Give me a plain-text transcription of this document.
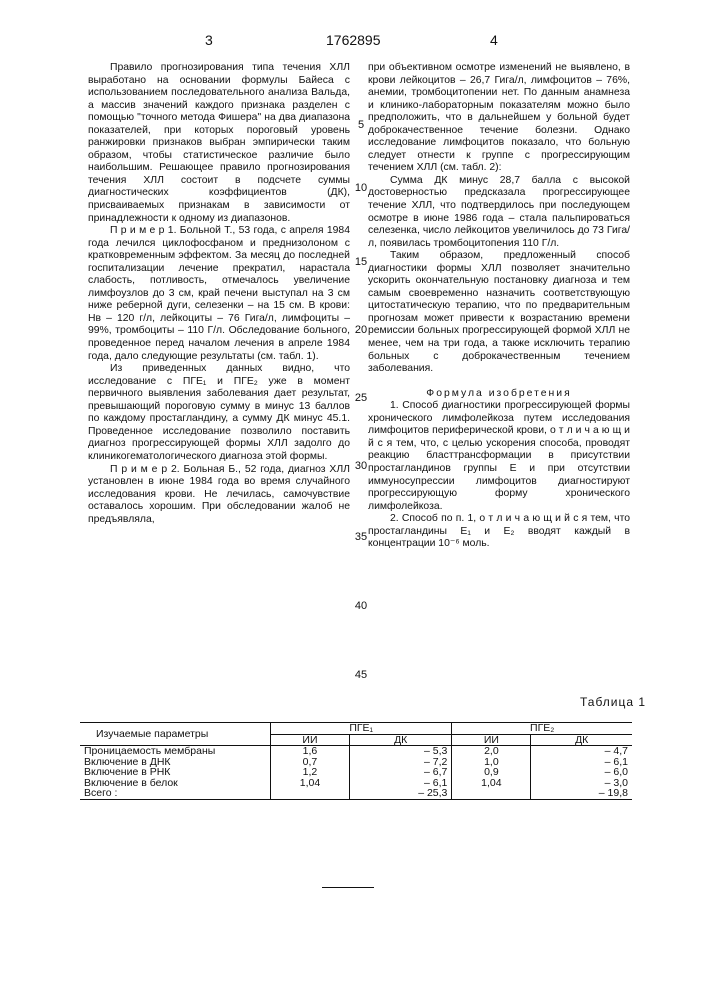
3	1762895	4

Правило прогнозирования типа течения ХЛЛ выработано на основании формулы Байеса с использованием последовательного анализа Вальда, а массив значений каждого признака разделен с помощью "точного метода Фишера" на два диапазона показателей, при которых пороговый уровень ранжировки признаков выбран эмпирически таким образом, чтобы статистическое различие было наибольшим. Решающее правило прогнозирования течения ХЛЛ состоит в подсчете суммы диагностических коэффициентов (ДК), присваиваемых признакам в зависимости от принадлежности к одному из диапазонов.

П р и м е р 1. Больной Т., 53 года, с апреля 1984 года лечился циклофосфаном и преднизолоном с кратковременным эффектом. За месяц до последней госпитализации лечение прекратил, нарастала слабость, потливость, отмечалось увеличение лимфоузлов до 3 см, край печени выступал на 3 см ниже реберной дуги, селезенки – на 15 см. В крови: Нв – 120 г/л, лейкоциты – 76 Гига/л, лимфоциты – 99%, тромбоциты – 110 Г/л. Обследование больного, проведенное перед началом лечения в апреле 1984 года, дало следующие результаты (см. табл. 1).

Из приведенных данных видно, что исследование с ПГЕ₁ и ПГЕ₂ уже в момент первичного выявления заболевания дает результат, превышающий пороговую сумму в минус 13 баллов по каждому простагландину, а сумму ДК минус 45.1. Проведенное исследование позволило поставить диагноз прогрессирующей формы ХЛЛ задолго до клиникогематологического диагноза этой формы.

П р и м е р 2. Больная Б., 52 года, диагноз ХЛЛ установлен в июне 1984 года во время случайного исследования крови. Не лечилась, самочувствие оставалось хорошим. При обследовании жалоб не предъявляла,

при объективном осмотре изменений не выявлено, в крови лейкоцитов – 26,7 Гига/л, лимфоцитов – 76%, анемии, тромбоцитопении нет. По данным анамнеза и клинико-лабораторным показателям можно было предположить, что в дальнейшем у больной будет доброкачественное течение болезни. Однако исследование лимфоцитов показало, что больную следует отнести к группе с прогрессирующим течением ХЛЛ (см. табл. 2):

Сумма ДК минус 28,7 балла с высокой достоверностью предсказала прогрессирующее течение ХЛЛ, что подтвердилось при последующем осмотре в июне 1986 года – стала пальпироваться селезенка, число лейкоцитов увеличилось до 73 Гига/л, появилась тромбоцитопения 110 Г/л.

Таким образом, предложенный способ диагностики формы ХЛЛ позволяет значительно ускорить окончательную постановку диагноза и тем самым своевременно назначить соответствующую цитостатическую терапию, что по предварительным прогнозам может привести к возрастанию времени ремиссии больных прогрессирующей формой ХЛЛ не менее, чем на три года, а также исключить терапию больных с доброкачественным течением заболевания.

Формула изобретения

1. Способ диагностики прогрессирующей формы хронического лимфолейкоза путем исследования лимфоцитов периферической крови, о т л и ч а ю щ и й с я тем, что, с целью ускорения способа, проводят реакцию бласттрансформации в присутствии простагландинов группы Е и при отсутствии иммуносупрессии лимфоцитов диагностируют прогрессирующую форму хронического лимфолейкоза.

2. Способ по п. 1, о т л и ч а ю щ и й с я тем, что простагландины Е₁ и Е₂ вводят каждый в концентрации 10⁻⁶ моль.

5
10
15
20
25
30
35
40
45
Таблица 1
Изучаемые параметры	ПГЕ₁	ПГЕ₂
ИИ	ДК	ИИ	ДК
Проницаемость мембраны	1,6	– 5,3	2,0	– 4,7
Включение в ДНК	0,7	– 7,2	1,0	– 6,1
Включение в РНК	1,2	– 6,7	0,9	– 6,0
Включение в белок	1,04	– 6,1	1,04	– 3,0
Всего :		– 25,3		– 19,8
